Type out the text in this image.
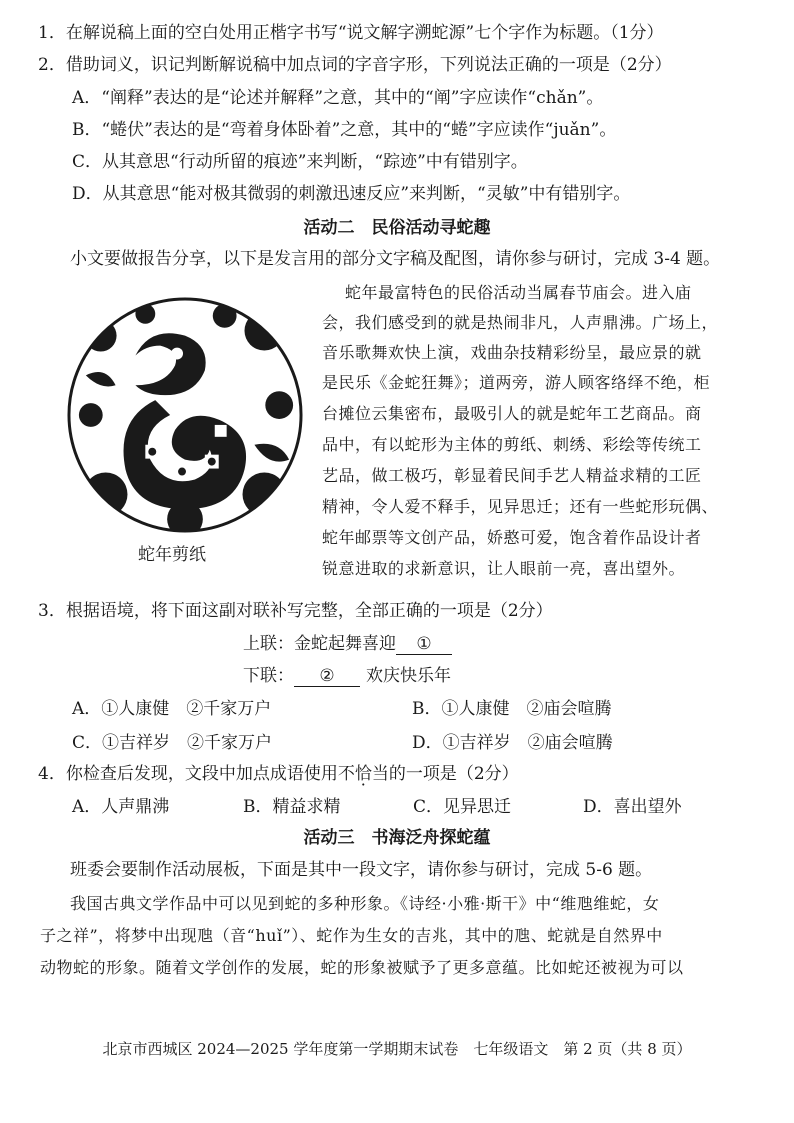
1．在解说稿上面的空白处用正楷字书写“说文解字溯蛇源”七个字作为标题。（1分）
2．借助词义，识记判断解说稿中加点词的字音字形，下列说法正确的一项是（2分）
A．“阐释”表达的是“论述并解释”之意，其中的“阐”字应读作“chǎn”。
B．“蜷伏”表达的是“弯着身体卧着”之意，其中的“蜷”字应读作“juǎn”。
C．从其意思“行动所留的痕迹”来判断，“踪迹”中有错别字。
D．从其意思“能对极其微弱的刺激迅速反应”来判断，“灵敏”中有错别字。
活动二　民俗活动寻蛇趣
小文要做报告分享，以下是发言用的部分文字稿及配图，请你参与研讨，完成 3-4 题。
蛇年剪纸
蛇年最富特色的民俗活动当属春节庙会。进入庙
会，我们感受到的就是热闹非凡，人声鼎沸。广场上，
音乐歌舞欢快上演，戏曲杂技精彩纷呈，最应景的就
是民乐《金蛇狂舞》；道两旁，游人顾客络绎不绝，柜
台摊位云集密布，最吸引人的就是蛇年工艺商品。商
品中，有以蛇形为主体的剪纸、刺绣、彩绘等传统工
艺品，做工极巧，彰显着民间手艺人精益求精的工匠
精神，令人爱不释手，见异思迁；还有一些蛇形玩偶、
蛇年邮票等文创产品，娇憨可爱，饱含着作品设计者
锐意进取的求新意识，让人眼前一亮，喜出望外。
3．根据语境，将下面这副对联补写完整，全部正确的一项是（2分）
上联：金蛇起舞喜迎 ①
下联： ② 欢庆快乐年
A．①人康健　②千家万户	B．①人康健　②庙会喧腾
C．①吉祥岁　②千家万户	D．①吉祥岁　②庙会喧腾
4．你检查后发现，文段中加点成语使用不恰当的一项是（2分）
A．人声鼎沸	B．精益求精	C．见异思迁	D．喜出望外
活动三　书海泛舟探蛇蕴
班委会要制作活动展板，下面是其中一段文字，请你参与研讨，完成 5-6 题。
我国古典文学作品中可以见到蛇的多种形象。《诗经·小雅·斯干》中“维虺维蛇，女
子之祥”，将梦中出现虺（音“huǐ”）、蛇作为生女的吉兆，其中的虺、蛇就是自然界中
动物蛇的形象。随着文学创作的发展，蛇的形象被赋予了更多意蕴。比如蛇还被视为可以
北京市西城区 2024—2025 学年度第一学期期末试卷　七年级语文　第 2 页（共 8 页）
